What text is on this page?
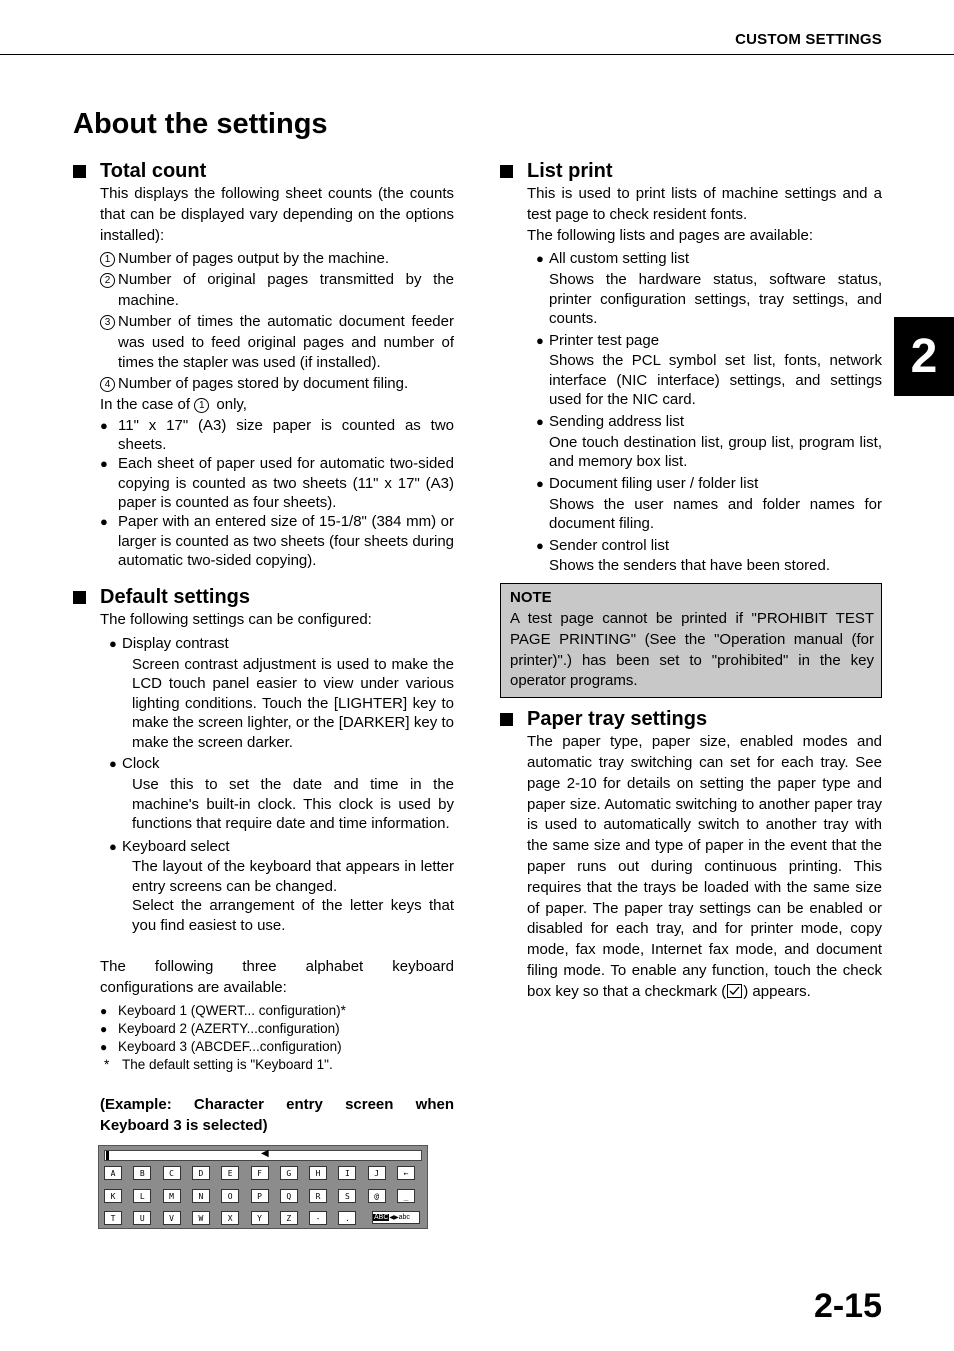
CUSTOM SETTINGS
About the settings
2
Total count

This displays the following sheet counts (the counts that can be displayed vary depending on the options installed):

1 Number of pages output by the machine.
2 Number of original pages transmitted by the machine.
3 Number of times the automatic document feeder was used to feed original pages and number of times the stapler was used (if installed).
4 Number of pages stored by document filing.

In the case of 1 only,

● 11" x 17" (A3) size paper is counted as two sheets.
● Each sheet of paper used for automatic two-sided copying is counted as two sheets (11" x 17" (A3) paper is counted as four sheets).
● Paper with an entered size of 15-1/8" (384 mm) or larger is counted as two sheets (four sheets during automatic two-sided copying).
Default settings

The following settings can be configured:

● Display contrast

Screen contrast adjustment is used to make the LCD touch panel easier to view under various lighting conditions. Touch the [LIGHTER] key to make the screen lighter, or the [DARKER] key to make the screen darker.

● Clock

Use this to set the date and time in the machine's built-in clock. This clock is used by functions that require date and time information.

● Keyboard select

The layout of the keyboard that appears in letter entry screens can be changed.

Select the arrangement of the letter keys that you find easiest to use.

The following three alphabet keyboard

configurations are available:

● Keyboard 1 (QWERT... configuration)*
● Keyboard 2 (AZERTY...configuration)
● Keyboard 3 (ABCDEF...configuration)
* The default setting is "Keyboard 1".

(Example: Character entry screen when Keyboard 3 is selected)

◀
A	B	C	D	E	F	G	H	I	J	←
K	L	M	N	O	P	Q	R	S	@	_
T	U	V	W	X	Y	Z	-	.	ABC◀▶abc
List print

This is used to print lists of machine settings and a test page to check resident fonts.

The following lists and pages are available:

● All custom setting list

Shows the hardware status, software status, printer configuration settings, tray settings, and counts.

● Printer test page

Shows the PCL symbol set list, fonts, network interface (NIC interface) settings, and settings used for the NIC card.

● Sending address list

One touch destination list, group list, program list, and memory box list.

● Document filing user / folder list

Shows the user names and folder names for document filing.

● Sender control list

Shows the senders that have been stored.

NOTE

A test page cannot be printed if "PROHIBIT TEST PAGE PRINTING" (See the "Operation manual (for printer)".) has been set to "prohibited" in the key operator programs.

Paper tray settings

The paper type, paper size, enabled modes and automatic tray switching can set for each tray. See page 2-10 for details on setting the paper type and paper size. Automatic switching to another paper tray is used to automatically switch to another tray with the same size and type of paper in the event that the paper runs out during continuous printing. This requires that the trays be loaded with the same size of paper. The paper tray settings can be enabled or disabled for each tray, and for printer mode, copy mode, fax mode, Internet fax mode, and document filing mode. To enable any function, touch the check box key so that a checkmark ( ) appears.

2-15
